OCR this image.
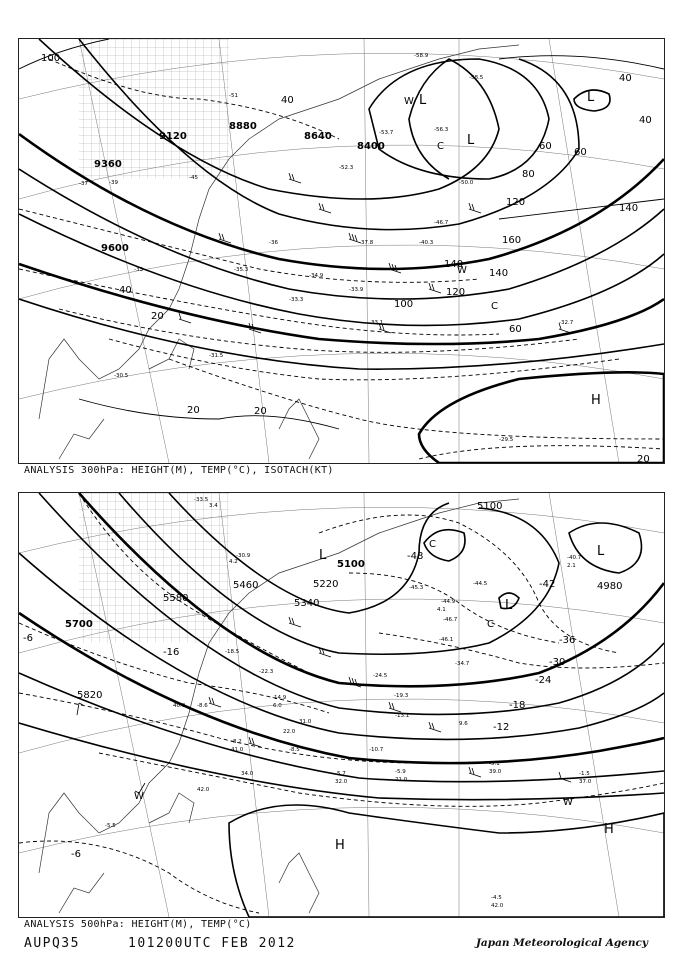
9120
8880
8640
8400
9360
9600
100
40
20
20	20
40
40
60
120
140
160
140
140
120
100
60
20
40
60
80
-58.9
-58.5
-56.3
-53.7
-51
-45
-39
-37
-35.3
-34.9
-33.3
-33.1
-33
-31.5
-30.5
-29.5
-32.7
-33.9
-36	-37.8	-40.3
-46.7
-50.0
-52.3
L
L
L
H
W
C
W
C
ANALYSIS 300hPa: HEIGHT(M), TEMP(°C), ISOTACH(KT)
5100
5100
5220
5340
5460
5580
5700
5820
4980
-48
-42
-36
-30
-24
-18
-12
-6
-6
-16
-33.5
-30.9
-45.3
-44.5
-44.9
-46.7
-46.1
-34.7
-24.5
-19.3
-13.1
-10.7
-8.5
-8.2
-5.7	-5.9
-5.1
-1.5
-4.5
-5.5
-8.6
-14.9
-18.5
-22.3
-40.7
3.4
4.1
4.2
37.0
39.0
21.0
32.0
41.0
42.0
34.0
42.0
40.0
31.0
22.0
9.6
6.0
2.1
L
L
L
C
C
H
H
W
W
ANALYSIS 500hPa: HEIGHT(M), TEMP(°C)
AUPQ35	101200UTC FEB 2012	Japan Meteorological Agency
